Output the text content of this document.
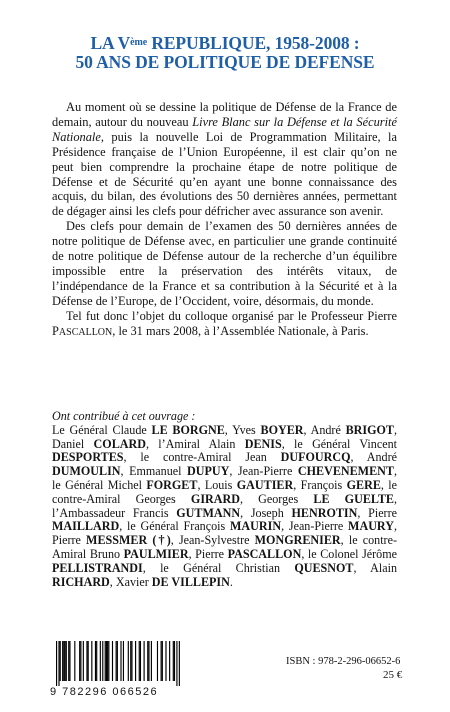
LA Vème REPUBLIQUE, 1958-2008 :
50 ANS DE POLITIQUE DE DEFENSE

Au moment où se dessine la politique de Défense de la France de demain, autour du nouveau Livre Blanc sur la Défense et la Sécurité Nationale, puis la nouvelle Loi de Programmation Militaire, la Présidence française de l’Union Européenne, il est clair qu’on ne peut bien comprendre la prochaine étape de notre politique de Défense et de Sécurité qu’en ayant une bonne connaissance des acquis, du bilan, des évolutions des 50 dernières années, permettant de dégager ainsi les clefs pour défricher avec assurance son avenir.

Des clefs pour demain de l’examen des 50 dernières années de notre politique de Défense avec, en particulier une grande continuité de notre politique de Défense autour de la recherche d’un équilibre impossible entre la préservation des intérêts vitaux, de l’indépendance de la France et sa contribution à la Sécurité et à la Défense de l’Europe, de l’Occident, voire, désormais, du monde.

Tel fut donc l’objet du colloque organisé par le Professeur Pierre PASCALLON, le 31 mars 2008, à l’Assemblée Nationale, à Paris.

Ont contribué à cet ouvrage :

Le Général Claude LE BORGNE, Yves BOYER, André BRIGOT, Daniel COLARD, l’Amiral Alain DENIS, le Général Vincent DESPORTES, le contre-Amiral Jean DUFOURCQ, André DUMOULIN, Emmanuel DUPUY, Jean-Pierre CHEVENEMENT, le Général Michel FORGET, Louis GAUTIER, François GERE, le contre-Amiral Georges GIRARD, Georges LE GUELTE, l’Ambassadeur Francis GUTMANN, Joseph HENROTIN, Pierre MAILLARD, le Général François MAURIN, Jean-Pierre MAURY, Pierre MESSMER (†), Jean-Sylvestre MONGRENIER, le contre-Amiral Bruno PAULMIER, Pierre PASCALLON, le Colonel Jérôme PELLISTRANDI, le Général Christian QUESNOT, Alain RICHARD, Xavier DE VILLEPIN.

9 782296 066526
ISBN : 978-2-296-06652-6
25 €
